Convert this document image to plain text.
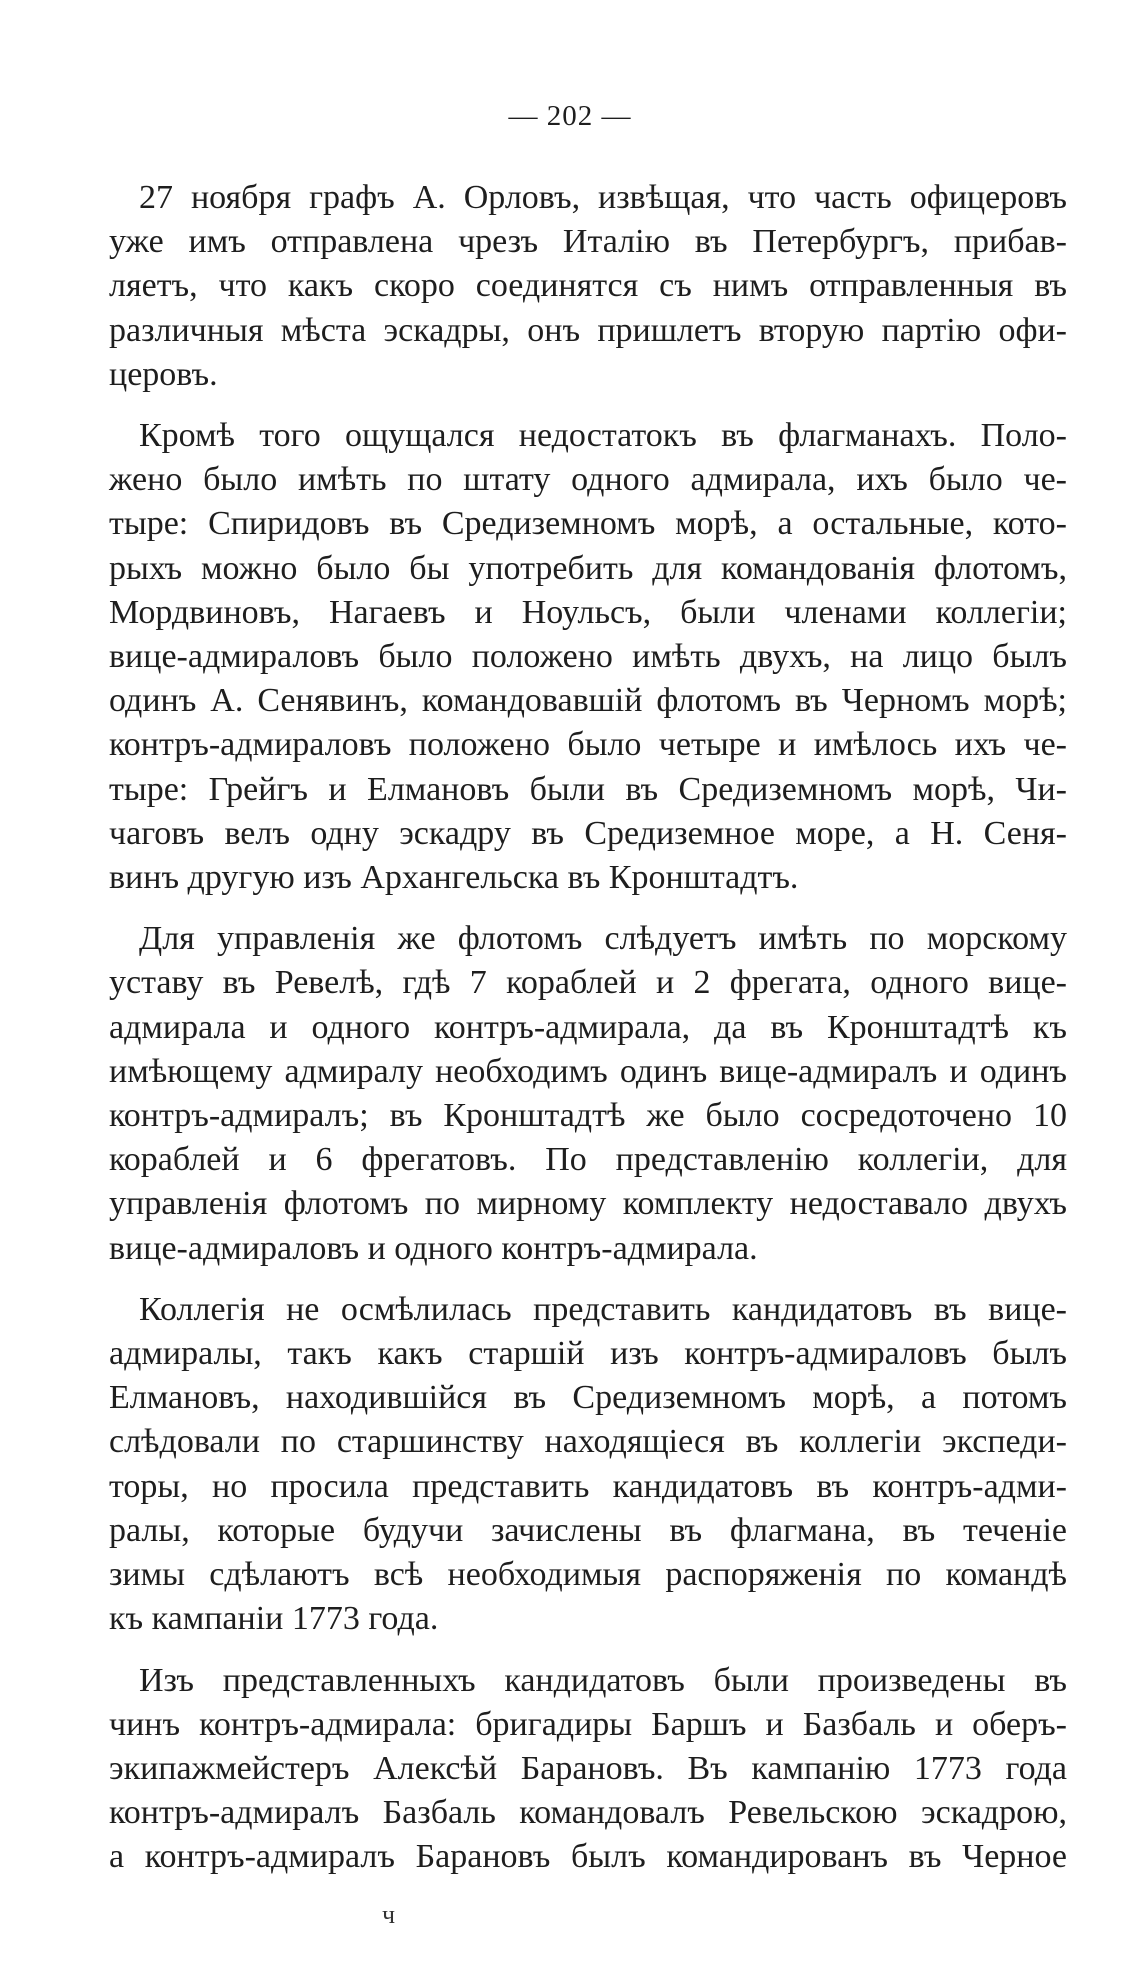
— 202 —

27 ноября графъ А. Орловъ, извѣщая, что часть офицеровъ
уже имъ отправлена чрезъ Италію въ Петербургъ, прибав-
ляетъ, что какъ скоро соединятся съ нимъ отправленныя въ
различныя мѣста эскадры, онъ пришлетъ вторую партію офи-
церовъ.

Кромѣ того ощущался недостатокъ въ флагманахъ. Поло-
жено было имѣть по штату одного адмирала, ихъ было че-
тыре: Спиридовъ въ Средиземномъ морѣ, а остальные, кото-
рыхъ можно было бы употребить для командованія флотомъ,
Мордвиновъ, Нагаевъ и Ноульсъ, были членами коллегіи;
вице-адмираловъ было положено имѣть двухъ, на лицо былъ
одинъ А. Сенявинъ, командовавшій флотомъ въ Черномъ морѣ;
контръ-адмираловъ положено было четыре и имѣлось ихъ че-
тыре: Грейгъ и Елмановъ были въ Средиземномъ морѣ, Чи-
чаговъ велъ одну эскадру въ Средиземное море, а Н. Сеня-
винъ другую изъ Архангельска въ Кронштадтъ.

Для управленія же флотомъ слѣдуетъ имѣть по морскому
уставу въ Ревелѣ, гдѣ 7 кораблей и 2 фрегата, одного вице-
адмирала и одного контръ-адмирала, да въ Кронштадтѣ къ
имѣющему адмиралу необходимъ одинъ вице-адмиралъ и одинъ
контръ-адмиралъ; въ Кронштадтѣ же было сосредоточено 10
кораблей и 6 фрегатовъ. По представленію коллегіи, для
управленія флотомъ по мирному комплекту недоставало двухъ
вице-адмираловъ и одного контръ-адмирала.

Коллегія не осмѣлилась представить кандидатовъ въ вице-
адмиралы, такъ какъ старшій изъ контръ-адмираловъ былъ
Елмановъ, находившійся въ Средиземномъ морѣ, а потомъ
слѣдовали по старшинству находящіеся въ коллегіи экспеди-
торы, но просила представить кандидатовъ въ контръ-адми-
ралы, которые будучи зачислены въ флагмана, въ теченіе
зимы сдѣлаютъ всѣ необходимыя распоряженія по командѣ
къ кампаніи 1773 года.

Изъ представленныхъ кандидатовъ были произведены въ
чинъ контръ-адмирала: бригадиры Баршъ и Базбаль и оберъ-
экипажмейстеръ Алексѣй Барановъ. Въ кампанію 1773 года
контръ-адмиралъ Базбаль командовалъ Ревельскою эскадрою,
а контръ-адмиралъ Барановъ былъ командированъ въ Черное

ч
